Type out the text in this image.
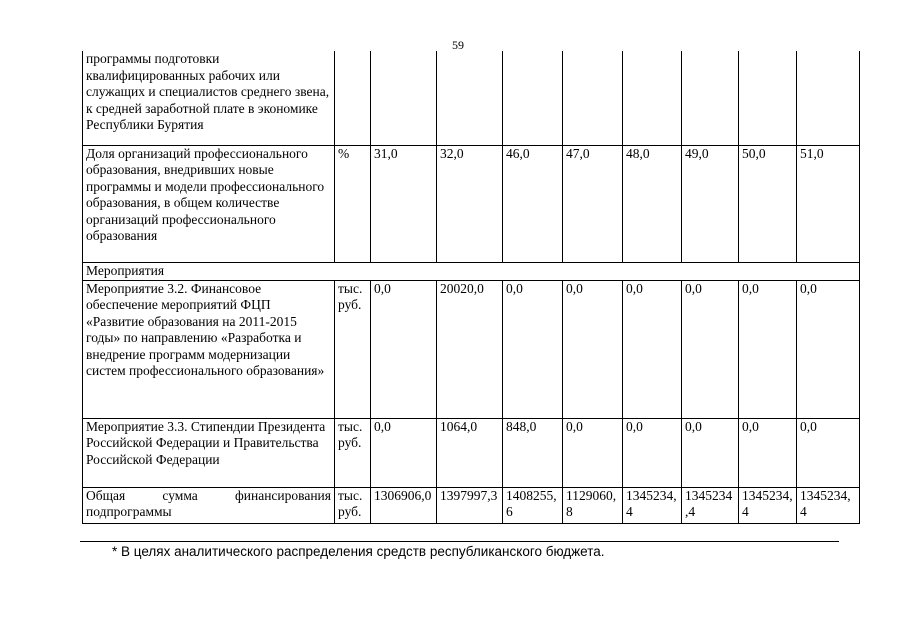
59
программы подготовки квалифицированных рабочих или служащих и специалистов среднего звена, к средней заработной плате в экономике Республики Бурятия									
Доля организаций профессионального образования, внедривших новые программы и модели профессионального образования, в общем количестве организаций профессионального образования	%	31,0	32,0	46,0	47,0	48,0	49,0	50,0	51,0
Мероприятия									
Мероприятие 3.2. Финансовое обеспечение мероприятий ФЦП «Развитие образования на 2011-2015 годы» по направлению «Разработка и внедрение программ модернизации систем профессионального образования»	тыс. руб.	0,0	20020,0	0,0	0,0	0,0	0,0	0,0	0,0
Мероприятие 3.3. Стипендии Президента Российской Федерации и Правительства Российской Федерации	тыс. руб.	0,0	1064,0	848,0	0,0	0,0	0,0	0,0	0,0
Общая сумма финансирования подпрограммы	тыс. руб.	1306906,0	1397997,3	1408255,6	1129060,8	1345234,4	1345234,4	1345234,4	1345234,4
* В целях аналитического распределения средств республиканского бюджета.
